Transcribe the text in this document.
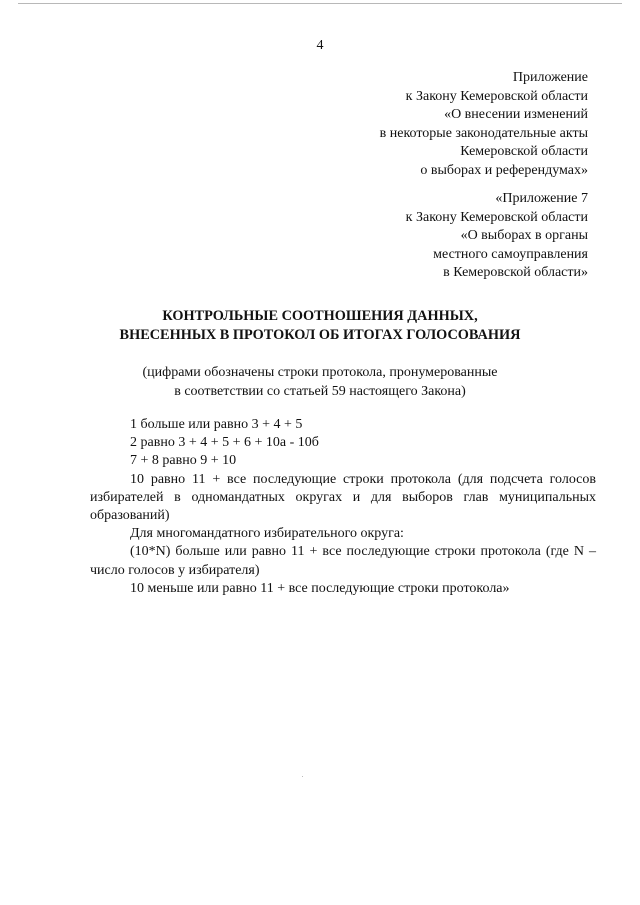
4
Приложение
к Закону Кемеровской области
«О внесении изменений
в некоторые законодательные акты
Кемеровской области
о выборах и референдумах»
«Приложение 7
к Закону Кемеровской области
«О выборах в органы
местного самоуправления
в Кемеровской области»
КОНТРОЛЬНЫЕ СООТНОШЕНИЯ ДАННЫХ,
ВНЕСЕННЫХ В ПРОТОКОЛ ОБ ИТОГАХ ГОЛОСОВАНИЯ
(цифрами обозначены строки протокола, пронумерованные
в соответствии со статьей 59 настоящего Закона)

1 больше или равно 3 + 4 + 5

2 равно 3 + 4 + 5 + 6 + 10а - 10б

7 + 8 равно 9 + 10

10 равно 11 + все последующие строки протокола (для подсчета голосов избирателей в одномандатных округах и для выборов глав муниципальных образований)

Для многомандатного избирательного округа:

(10*N) больше или равно 11 + все последующие строки протокола (где N – число голосов у избирателя)

10 меньше или равно 11 + все последующие строки протокола»
